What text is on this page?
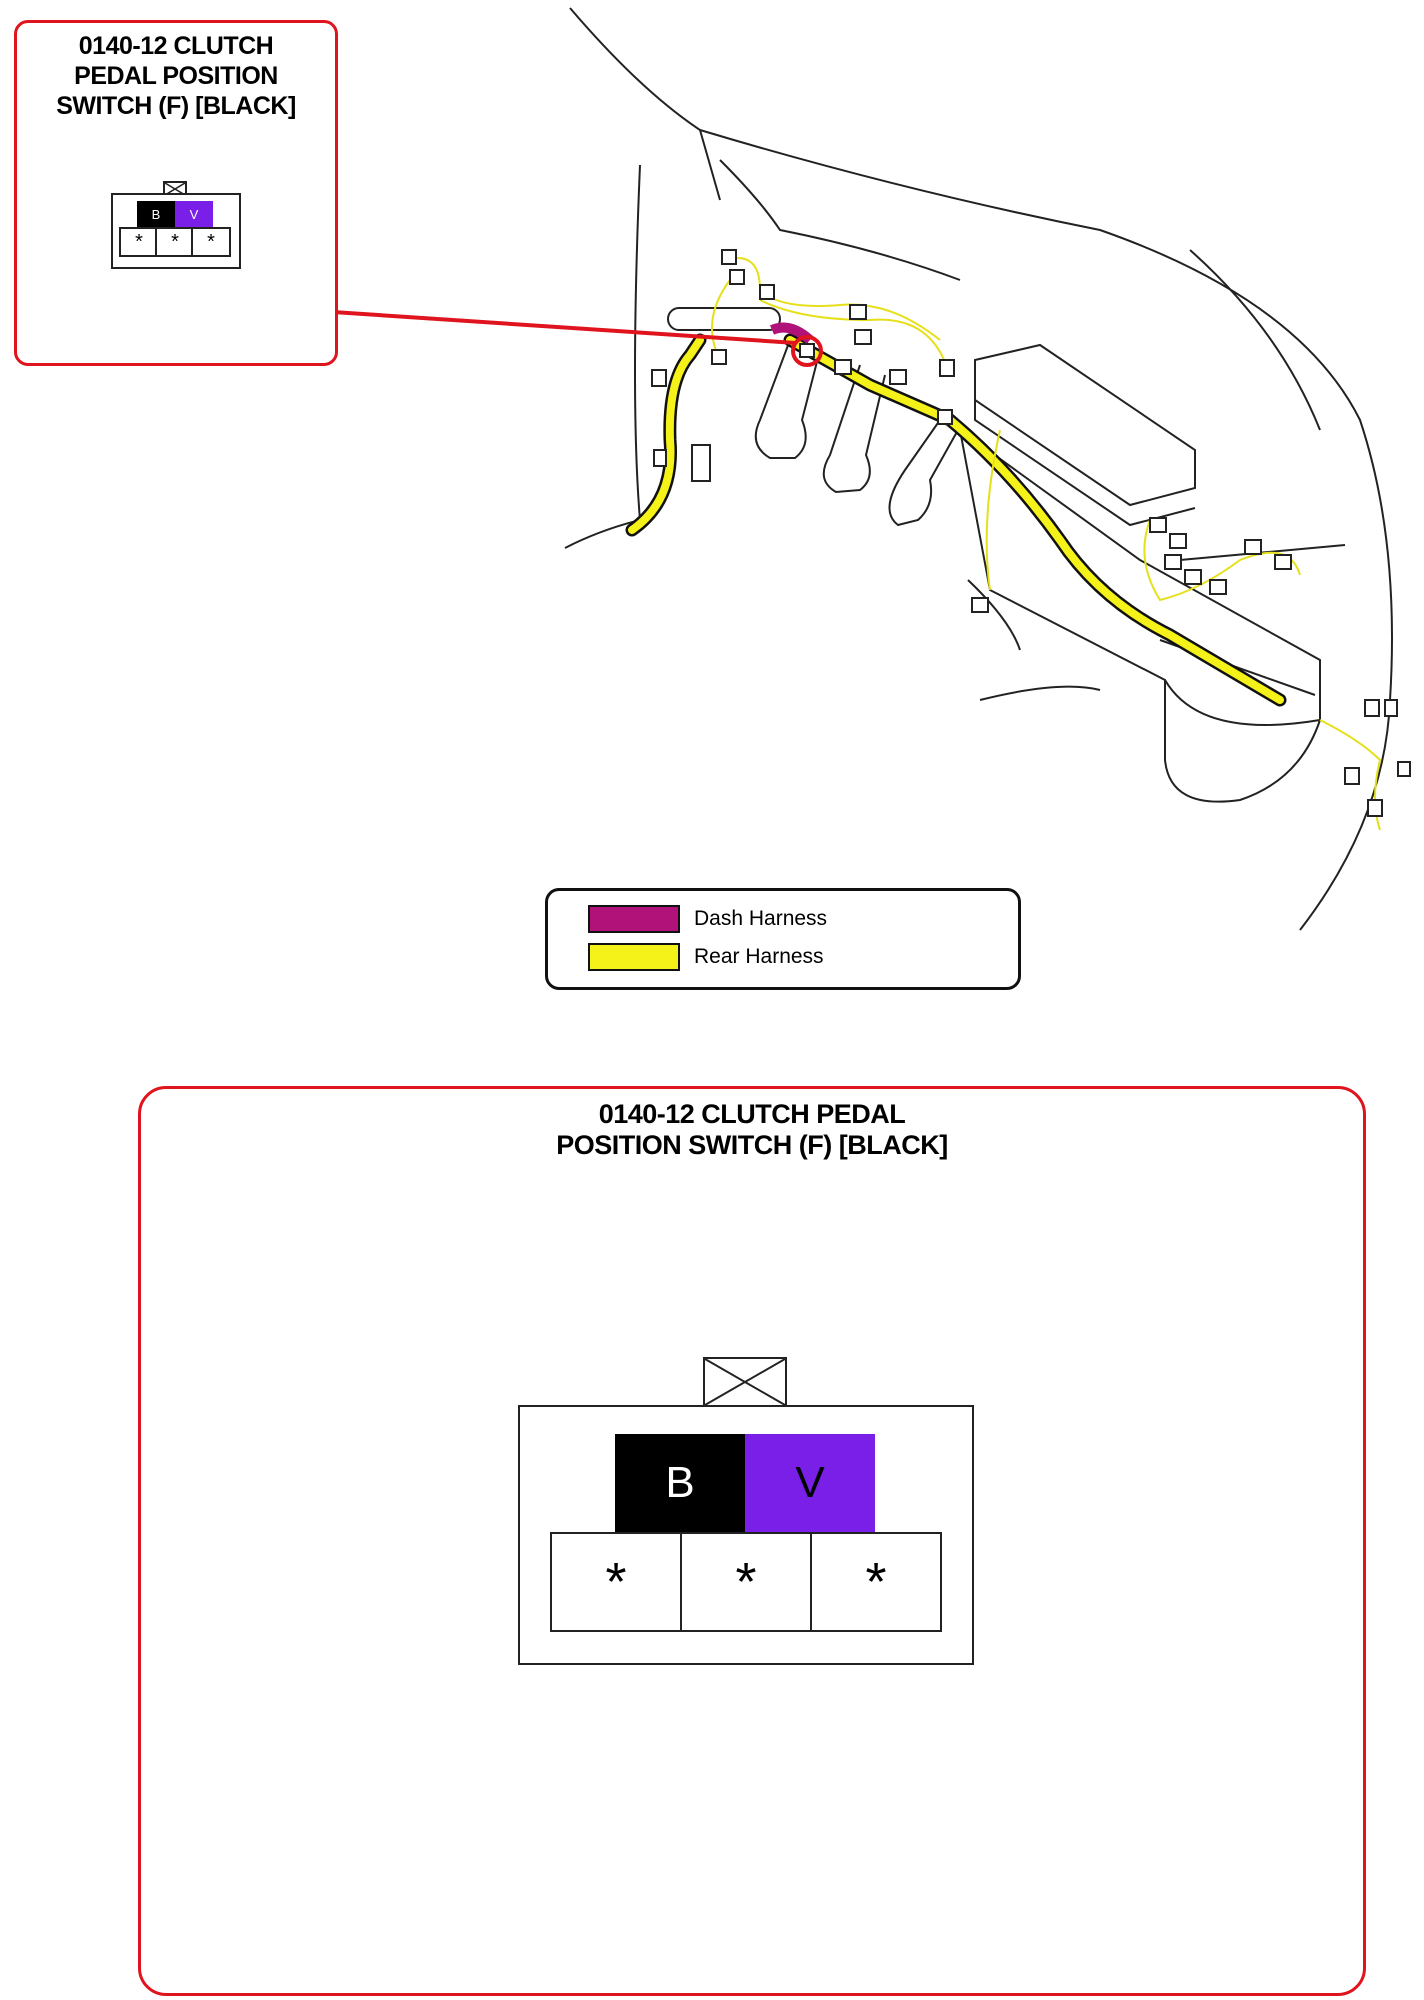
0140-12 CLUTCH
PEDAL POSITION
SWITCH (F) [BLACK]
B V
* * *
Dash Harness
Rear Harness
0140-12 CLUTCH PEDAL
POSITION SWITCH (F) [BLACK]
B V
* * *
